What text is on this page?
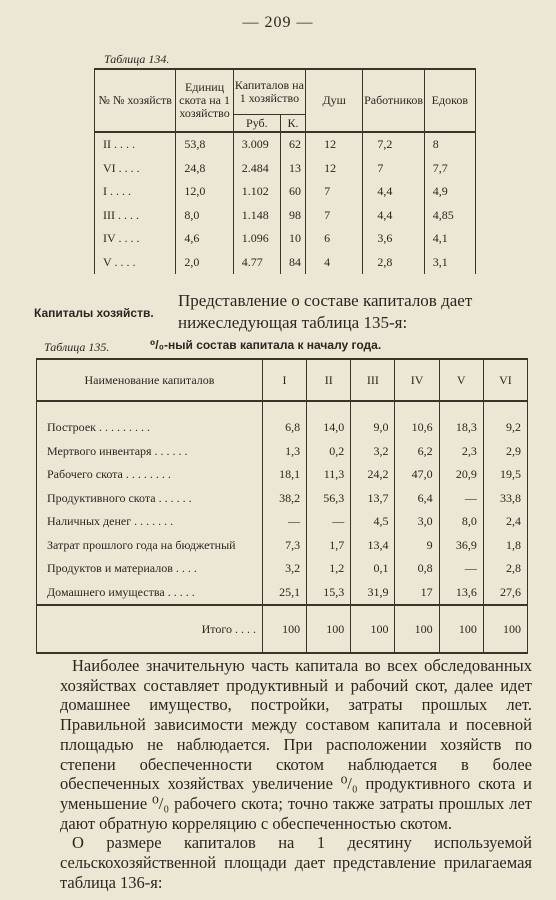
— 209 —
Таблица 134.
№ № хозяйств	Единиц скота на 1 хозяйство	Капиталов на 1 хозяйство		Душ	Работников	Едоков
		Руб.	К.			
II . . . .	53,8	3.009	62	12	7,2	8
VI . . . .	24,8	2.484	13	12	7	7,7
I . . . .	12,0	1.102	60	7	4,4	4,9
III . . . .	8,0	1.148	98	7	4,4	4,85
IV . . . .	4,6	1.096	10	6	3,6	4,1
V . . . .	2,0	4.77	84	4	2,8	3,1
Капиталы хозяйств.
Представление о составе капиталов дает
нижеследующая таблица 135-я:
Таблица 135.	⁰/₀-ный состав капитала к началу года.
Наименование капиталов	I	II	III	IV	V	VI

Построек . . . . . . . . .	6,8	14,0	9,0	10,6	18,3	9,2
Мертвого инвентаря . . . . . .	1,3	0,2	3,2	6,2	2,3	2,9
Рабочего скота . . . . . . . .	18,1	11,3	24,2	47,0	20,9	19,5
Продуктивного скота . . . . . .	38,2	56,3	13,7	6,4	—	33,8
Наличных денег . . . . . . .	—	—	4,5	3,0	8,0	2,4
Затрат прошлого года на бюджетный	7,3	1,7	13,4	9	36,9	1,8
Продуктов и материалов . . . .	3,2	1,2	0,1	0,8	—	2,8
Домашнего имущества . . . . .	25,1	15,3	31,9	17	13,6	27,6
Итого . . . .	100	100	100	100	100	100

Наиболее значительную часть капитала во всех обследованных хозяйствах составляет продуктивный и рабочий скот, далее идет домашнее имущество, постройки, затраты прошлых лет. Правильной зависимости между составом капитала и посевной площадью не наблюдается. При расположении хозяйств по степени обеспеченности скотом наблюдается в более обеспеченных хозяйствах увеличение ⁰/₀ продуктивного скота и уменьшение ⁰/₀ рабочего скота; точно также затраты прошлых лет дают обратную корреляцию с обеспеченностью скотом.

О размере капиталов на 1 десятину используемой сельскохозяйственной площади дает представление прилагаемая таблица 136-я:
